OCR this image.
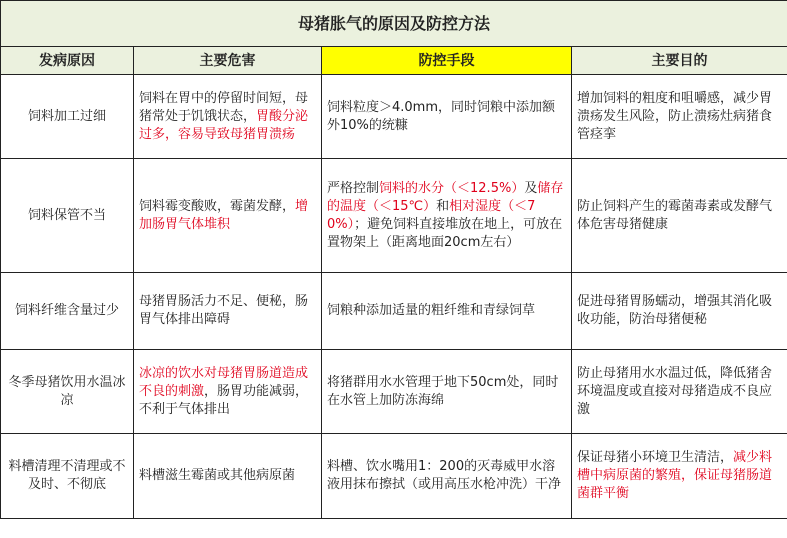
母猪胀气的原因及防控方法			
发病原因	主要危害	防控手段	主要目的
饲料加工过细	饲料在胃中的停留时间短，母猪常处于饥饿状态，胃酸分泌过多，容易导致母猪胃溃疡	饲料粒度＞4.0mm，同时饲粮中添加额外10%的统糠	增加饲料的粗度和咀嚼感，减少胃溃疡发生风险，防止溃疡灶病猪食管痉挛
饲料保管不当	饲料霉变酸败，霉菌发酵，增加肠胃气体堆积	严格控制饲料的水分（＜12.5%）及储存的温度（＜15℃）和相对湿度（＜70%）；避免饲料直接堆放在地上，可放在置物架上（距离地面20cm左右）	防止饲料产生的霉菌毒素或发酵气体危害母猪健康
饲料纤维含量过少	母猪胃肠活力不足、便秘，肠胃气体排出障碍	饲粮种添加适量的粗纤维和青绿饲草	促进母猪胃肠蠕动，增强其消化吸收功能，防治母猪便秘
冬季母猪饮用水温冰凉	冰凉的饮水对母猪胃肠道造成不良的刺激，肠胃功能减弱，不利于气体排出	将猪群用水水管理于地下50cm处，同时在水管上加防冻海绵	防止母猪用水水温过低，降低猪舍环境温度或直接对母猪造成不良应激
料槽清理不清理或不及时、不彻底	料槽滋生霉菌或其他病原菌	料槽、饮水嘴用1：200的灭毒威甲水溶液用抹布擦拭（或用高压水枪冲洗）干净	保证母猪小环境卫生清洁，减少料槽中病原菌的繁殖，保证母猪肠道菌群平衡
